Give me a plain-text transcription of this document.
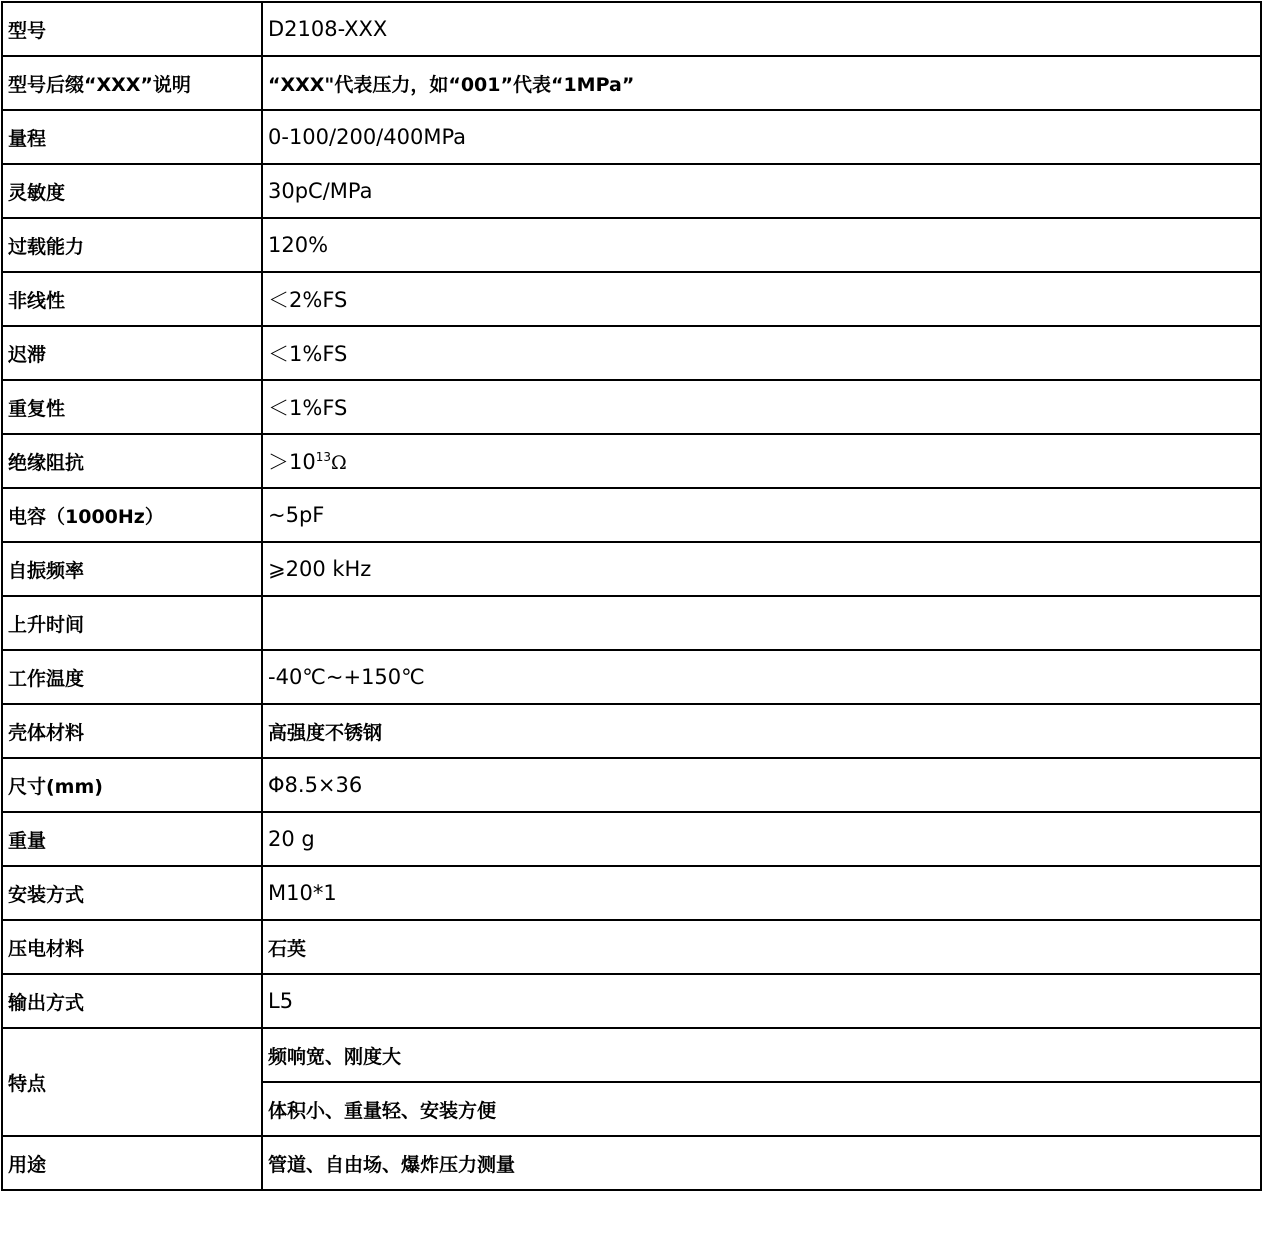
型号	D2108-XXX
型号后缀“XXX”说明	“XXX"代表压力，如“001”代表“1MPa”
量程	0-100/200/400MPa
灵敏度	30pC/MPa
过载能力	120%
非线性	＜2%FS
迟滞	＜1%FS
重复性	＜1%FS
绝缘阻抗	$>10^{13}\Omega$
电容（1000Hz）	~5pF
自振频率	⩾200 kHz
上升时间	
工作温度	-40℃~+150℃
壳体材料	高强度不锈钢
尺寸(mm)	Φ8.5×36
重量	20 g
安装方式	M10*1
压电材料	石英
输出方式	L5
特点	频响宽、刚度大
	体积小、重量轻、安装方便
用途	管道、自由场、爆炸压力测量
